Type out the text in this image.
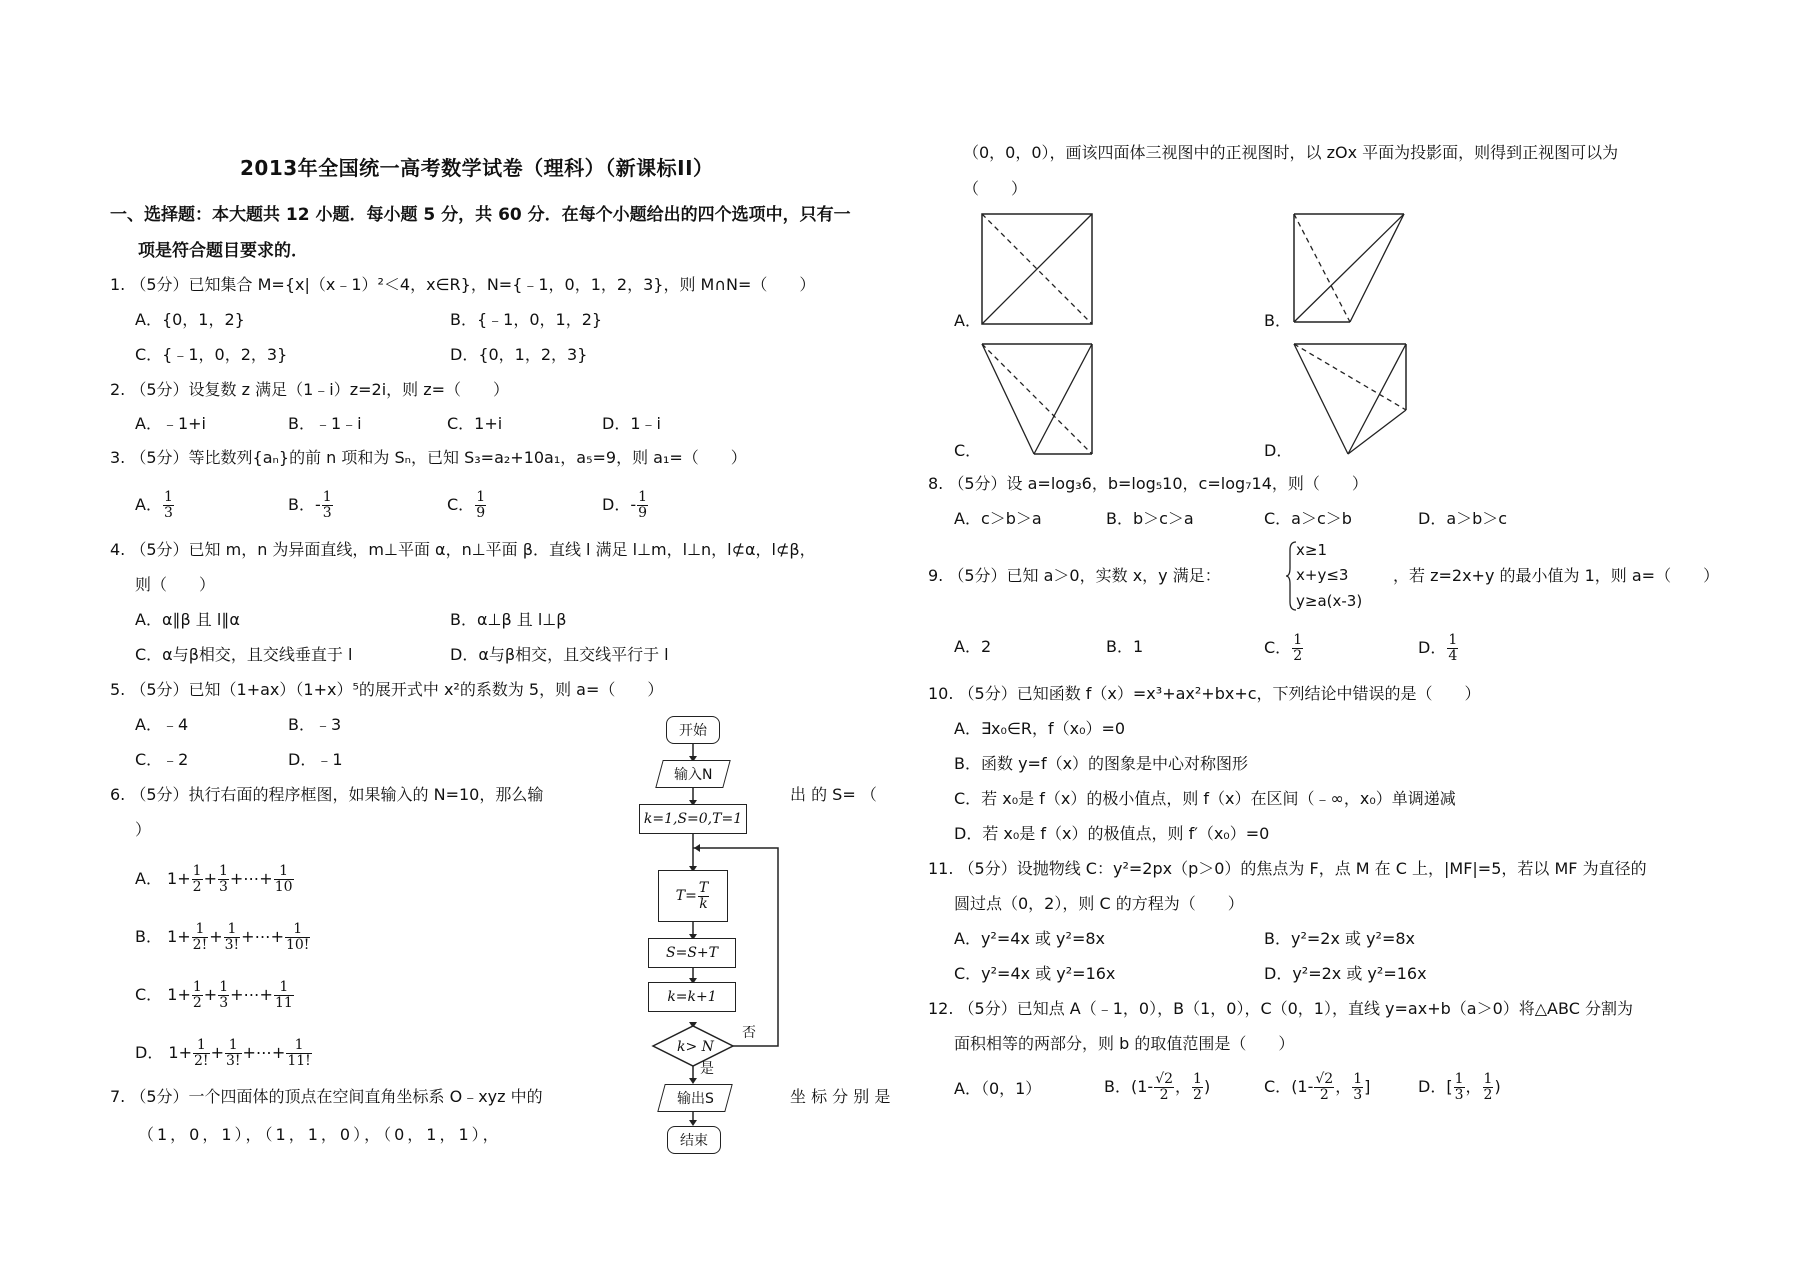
2013年全国统一高考数学试卷（理科）（新课标II）
一、选择题：本大题共 12 小题．每小题 5 分，共 60 分．在每个小题给出的四个选项中，只有一
项是符合题目要求的．
1. （5分）已知集合 M={x|（x﹣1）²＜4，x∈R}，N={﹣1，0，1，2，3}，则 M∩N=（　　）
A．{0，1，2}	B．{﹣1，0，1，2}
C．{﹣1，0，2，3}	D．{0，1，2，3}
2. （5分）设复数 z 满足（1﹣i）z=2i，则 z=（　　）
A．﹣1+i	B．﹣1﹣i	C．1+i	D．1﹣i
3. （5分）等比数列{aₙ}的前 n 项和为 Sₙ，已知 S₃=a₂+10a₁，a₅=9，则 a₁=（　　）
A． $\frac{1}{3}$	B．- $\frac{1}{3}$	C． $\frac{1}{9}$	D．- $\frac{1}{9}$
4. （5分）已知 m，n 为异面直线，m⊥平面 α，n⊥平面 β．直线 l 满足 l⊥m，l⊥n，l⊄α，l⊄β，
则（　　）
A．α∥β 且 l∥α	B．α⊥β 且 l⊥β
C．α与β相交，且交线垂直于 l	D．α与β相交，且交线平行于 l
5. （5分）已知（1+ax）（1+x）⁵的展开式中 x²的系数为 5，则 a=（　　）
A．﹣4	B．﹣3
C．﹣2	D．﹣1
6. （5分）执行右面的程序框图，如果输入的 N=10，那么输	出 的 S= （
）
A． $1+ \frac{1}{2} + \frac{1}{3}$ +⋯+ $\frac{1}{10}$
B． $1+ \frac{1}{2!} + \frac{1}{3!}$ +⋯+ $\frac{1}{10!}$
C． $1+ \frac{1}{2} + \frac{1}{3}$ +⋯+ $\frac{1}{11}$
D． $1+ \frac{1}{2!} + \frac{1}{3!}$ +⋯+ $\frac{1}{11!}$
开始
输入N
k=1,S=0,T=1
$T= \frac{T}{k}$
S=S+T
k=k+1
k> N
否
是
输出S
结束
7. （5分）一个四面体的顶点在空间直角坐标系 O﹣xyz 中的	坐 标 分 别 是
（1，0，1），（1，1，0），（0，1，1），
（0，0，0），画该四面体三视图中的正视图时，以 zOx 平面为投影面，则得到正视图可以为
（　　）
A．	B．
C．	D．
8. （5分）设 a=log₃6，b=log₅10，c=log₇14，则（　　）
A．c＞b＞a	B．b＞c＞a	C．a＞c＞b	D．a＞b＞c
9. （5分）已知 a＞0，实数 x，y 满足：
x≥1
x+y≤3
y≥a(x-3)
，若 z=2x+y 的最小值为 1，则 a=（　　）
A．2	B．1	C． $\frac{1}{2}$	D． $\frac{1}{4}$
10. （5分）已知函数 f（x）=x³+ax²+bx+c，下列结论中错误的是（　　）
A．∃x₀∈R，f（x₀）=0
B．函数 y=f（x）的图象是中心对称图形
C．若 x₀是 f（x）的极小值点，则 f（x）在区间（﹣∞，x₀）单调递减
D．若 x₀是 f（x）的极值点，则 f′（x₀）=0
11. （5分）设抛物线 C：y²=2px（p＞0）的焦点为 F，点 M 在 C 上，|MF|=5，若以 MF 为直径的
圆过点（0，2），则 C 的方程为（　　）
A．y²=4x 或 y²=8x	B．y²=2x 或 y²=8x
C．y²=4x 或 y²=16x	D．y²=2x 或 y²=16x
12. （5分）已知点 A（﹣1，0），B（1，0），C（0，1），直线 y=ax+b（a＞0）将△ABC 分割为
面积相等的两部分，则 b 的取值范围是（　　）
A．（0，1）	B．($1- \frac{√2}{2}$ ， $\frac{1}{2}$ )	C．($1- \frac{√2}{2}$ ， $\frac{1}{3}$ ]	D．[ $\frac{1}{3}$ ， $\frac{1}{2}$ )
